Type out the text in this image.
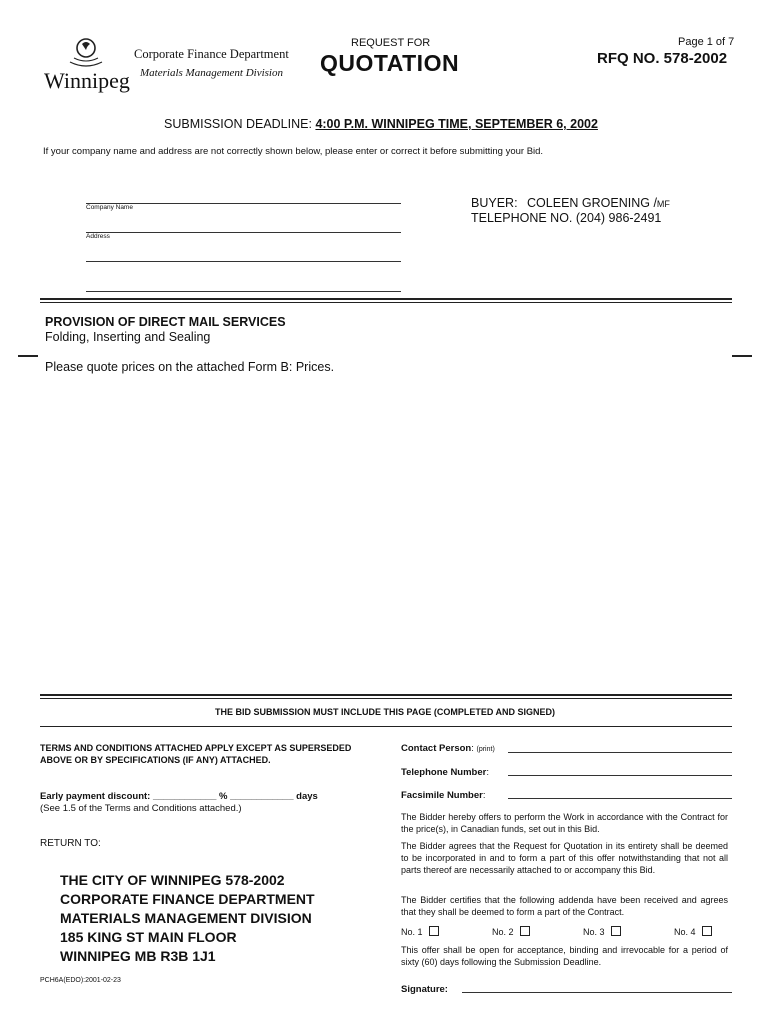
Winnipeg
Corporate Finance Department
Materials Management Division
REQUEST FOR
QUOTATION
Page 1 of 7
RFQ NO. 578-2002
SUBMISSION DEADLINE: 4:00 P.M. WINNIPEG TIME, SEPTEMBER 6, 2002
If your company name and address are not correctly shown below, please enter or correct it before submitting your Bid.
Company Name
Address
BUYER: COLEEN GROENING /mf
TELEPHONE NO. (204) 986-2491
PROVISION OF DIRECT MAIL SERVICES
Folding, Inserting and Sealing
Please quote prices on the attached Form B: Prices.
THE BID SUBMISSION MUST INCLUDE THIS PAGE (COMPLETED AND SIGNED)
TERMS AND CONDITIONS ATTACHED APPLY EXCEPT AS SUPERSEDED ABOVE OR BY SPECIFICATIONS (IF ANY) ATTACHED.
Early payment discount: ____________ % ____________ days
(See 1.5 of the Terms and Conditions attached.)
RETURN TO:
THE CITY OF WINNIPEG 578-2002
CORPORATE FINANCE DEPARTMENT
MATERIALS MANAGEMENT DIVISION
185 KING ST MAIN FLOOR
WINNIPEG MB R3B 1J1
PCH6A(EDO):2001-02-23
Contact Person: (print)
Telephone Number:
Facsimile Number:
The Bidder hereby offers to perform the Work in accordance with the Contract for the price(s), in Canadian funds, set out in this Bid.
The Bidder agrees that the Request for Quotation in its entirety shall be deemed to be incorporated in and to form a part of this offer notwithstanding that not all parts thereof are necessarily attached to or accompany this Bid.
The Bidder certifies that the following addenda have been received and agrees that they shall be deemed to form a part of the Contract.
No. 1	No. 2	No. 3	No. 4
This offer shall be open for acceptance, binding and irrevocable for a period of sixty (60) days following the Submission Deadline.
Signature:
